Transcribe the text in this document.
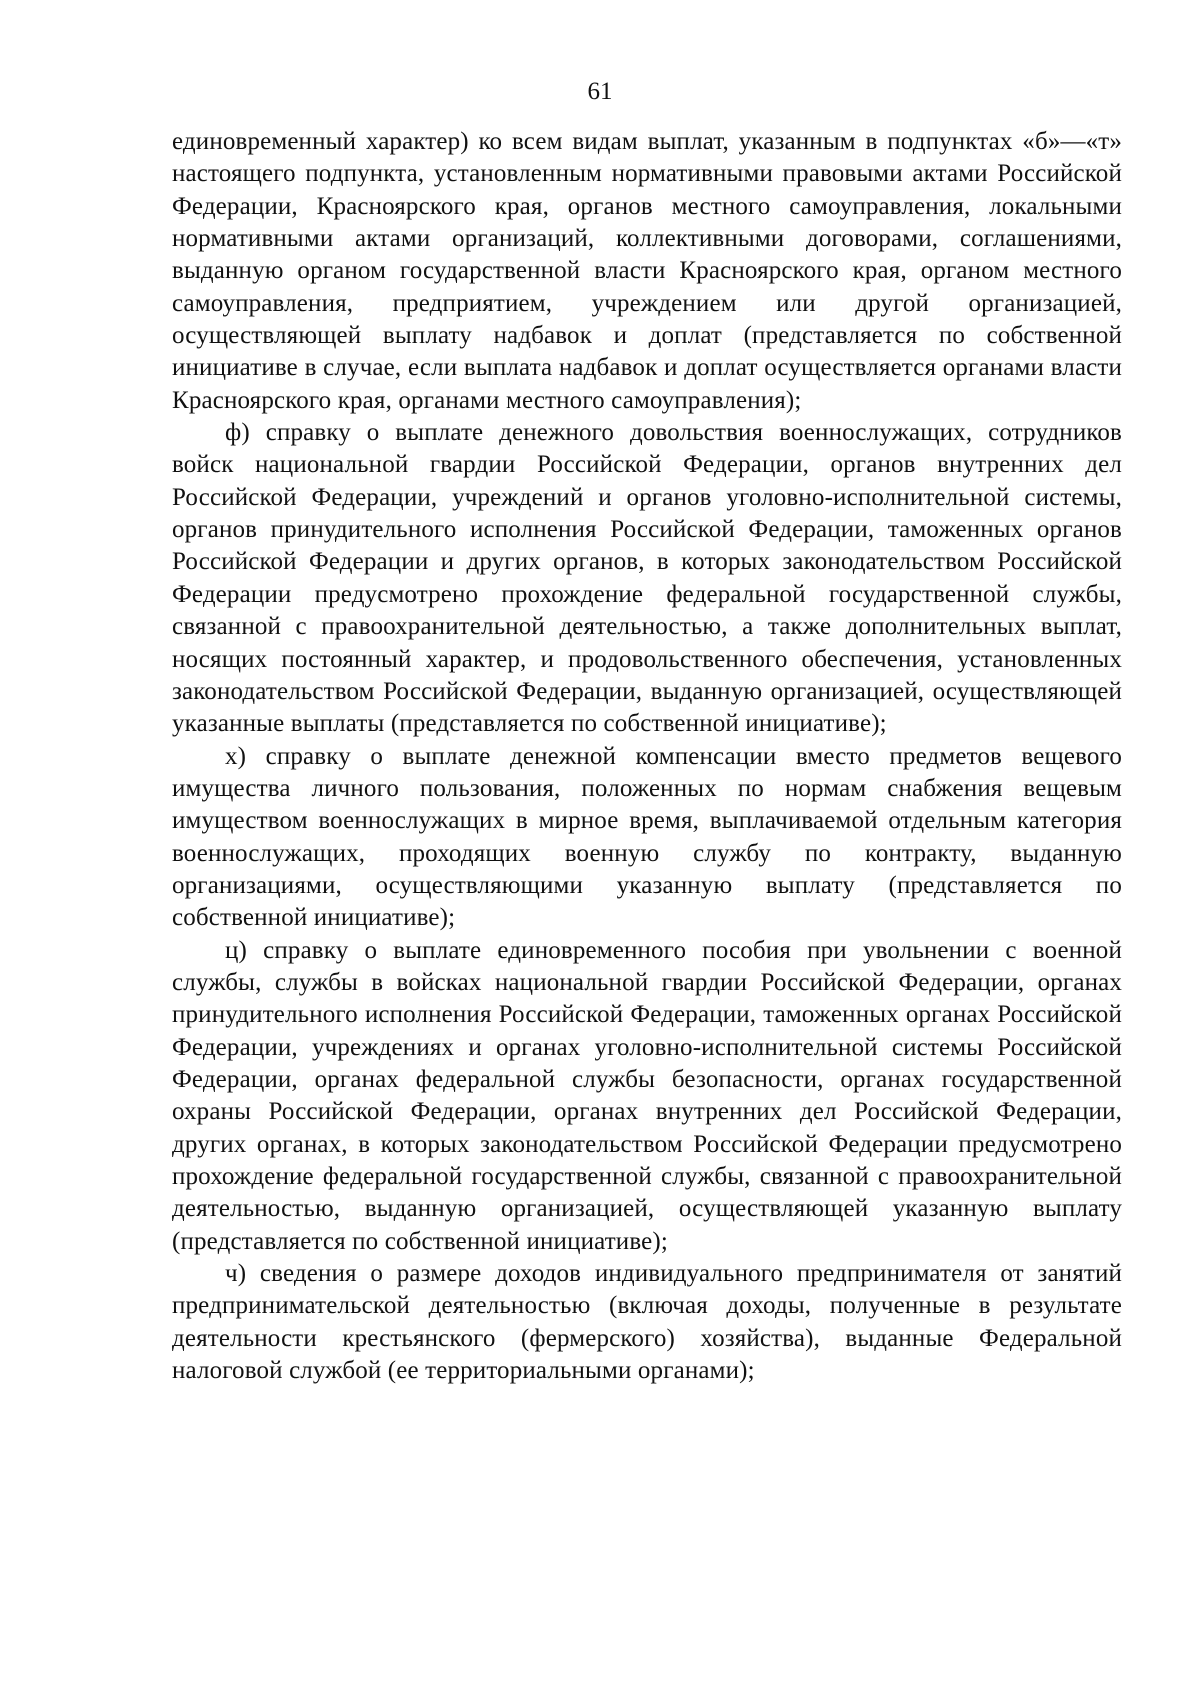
61

единовременный характер) ко всем видам выплат, указанным в подпунктах «б»—«т» настоящего подпункта, установленным нормативными правовыми актами Российской Федерации, Красноярского края, органов местного самоуправления, локальными нормативными актами организаций, коллективными договорами, соглашениями, выданную органом государственной власти Красноярского края, органом местного самоуправления, предприятием, учреждением или другой организацией, осуществляющей выплату надбавок и доплат (представляется по собственной инициативе в случае, если выплата надбавок и доплат осуществляется органами власти Красноярского края, органами местного самоуправления);

ф) справку о выплате денежного довольствия военнослужащих, сотрудников войск национальной гвардии Российской Федерации, органов внутренних дел Российской Федерации, учреждений и органов уголовно-исполнительной системы, органов принудительного исполнения Российской Федерации, таможенных органов Российской Федерации и других органов, в которых законодательством Российской Федерации предусмотрено прохождение федеральной государственной службы, связанной с правоохранительной деятельностью, а также дополнительных выплат, носящих постоянный характер, и продовольственного обеспечения, установленных законодательством Российской Федерации, выданную организацией, осуществляющей указанные выплаты (представляется по собственной инициативе);

х) справку о выплате денежной компенсации вместо предметов вещевого имущества личного пользования, положенных по нормам снабжения вещевым имуществом военнослужащих в мирное время, выплачиваемой отдельным категория военнослужащих, проходящих военную службу по контракту, выданную организациями, осуществляющими указанную выплату (представляется по собственной инициативе);

ц) справку о выплате единовременного пособия при увольнении с военной службы, службы в войсках национальной гвардии Российской Федерации, органах принудительного исполнения Российской Федерации, таможенных органах Российской Федерации, учреждениях и органах уголовно-исполнительной системы Российской Федерации, органах федеральной службы безопасности, органах государственной охраны Российской Федерации, органах внутренних дел Российской Федерации, других органах, в которых законодательством Российской Федерации предусмотрено прохождение федеральной государственной службы, связанной с правоохранительной деятельностью, выданную организацией, осуществляющей указанную выплату (представляется по собственной инициативе);

ч) сведения о размере доходов индивидуального предпринимателя от занятий предпринимательской деятельностью (включая доходы, полученные в результате деятельности крестьянского (фермерского) хозяйства), выданные Федеральной налоговой службой (ее территориальными органами);
